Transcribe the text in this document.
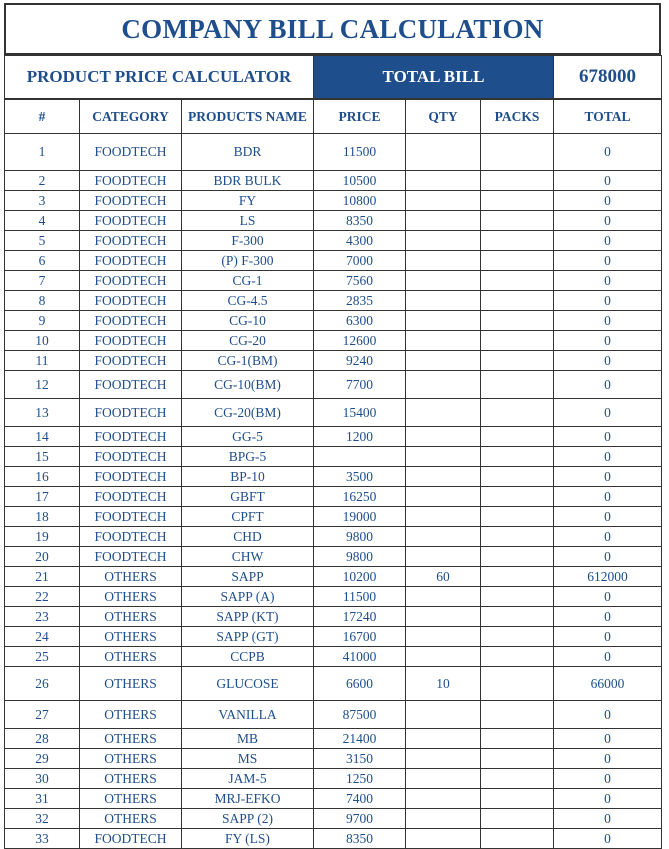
COMPANY BILL CALCULATION
PRODUCT PRICE CALCULATOR	TOTAL BILL	678000
#	CATEGORY	PRODUCTS NAME	PRICE	QTY	PACKS	TOTAL
1	FOODTECH	BDR	11500			0
2	FOODTECH	BDR BULK	10500			0
3	FOODTECH	FY	10800			0
4	FOODTECH	LS	8350			0
5	FOODTECH	F-300	4300			0
6	FOODTECH	(P) F-300	7000			0
7	FOODTECH	CG-1	7560			0
8	FOODTECH	CG-4.5	2835			0
9	FOODTECH	CG-10	6300			0
10	FOODTECH	CG-20	12600			0
11	FOODTECH	CG-1(BM)	9240			0
12	FOODTECH	CG-10(BM)	7700			0
13	FOODTECH	CG-20(BM)	15400			0
14	FOODTECH	GG-5	1200			0
15	FOODTECH	BPG-5				0
16	FOODTECH	BP-10	3500			0
17	FOODTECH	GBFT	16250			0
18	FOODTECH	CPFT	19000			0
19	FOODTECH	CHD	9800			0
20	FOODTECH	CHW	9800			0
21	OTHERS	SAPP	10200	60		612000
22	OTHERS	SAPP (A)	11500			0
23	OTHERS	SAPP (KT)	17240			0
24	OTHERS	SAPP (GT)	16700			0
25	OTHERS	CCPB	41000			0
26	OTHERS	GLUCOSE	6600	10		66000
27	OTHERS	VANILLA	87500			0
28	OTHERS	MB	21400			0
29	OTHERS	MS	3150			0
30	OTHERS	JAM-5	1250			0
31	OTHERS	MRJ-EFKO	7400			0
32	OTHERS	SAPP (2)	9700			0
33	FOODTECH	FY (LS)	8350			0
